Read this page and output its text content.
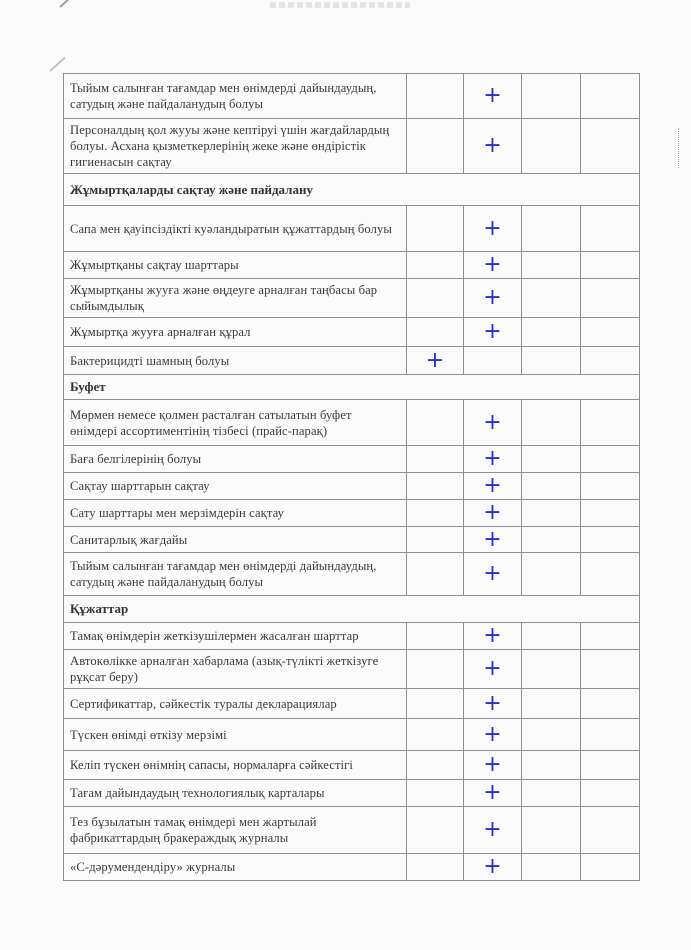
Тыйым салынған тағамдар мен өнімдерді дайындаудың, сатудың және пайдаланудың болуы		+		

Персоналдың қол жууы және кептіруі үшін жағдайлардың болуы. Асхана қызметкерлерінің жеке және өндірістік гигиенасын сақтау		+		

Жұмыртқаларды сақтау және пайдалану				
Сапа мен қауіпсіздікті куәландыратын құжаттардың болуы		+		

Жұмыртқаны сақтау шарттары		+		

Жұмыртқаны жууға және өңдеуге арналған таңбасы бар сыйымдылық		+		

Жұмыртқа жууға арналған құрал		+		

Бактерицидті шамның болуы	+			

Буфет				
Мөрмен немесе қолмен расталған сатылатын буфет өнімдері ассортиментінің тізбесі (прайс-парақ)		+		

Баға белгілерінің болуы		+		

Сақтау шарттарын сақтау		+		

Сату шарттары мен мерзімдерін сақтау		+		

Санитарлық жағдайы		+		

Тыйым салынған тағамдар мен өнімдерді дайындаудың, сатудың және пайдаланудың болуы		+		

Құжаттар				
Тамақ өнімдерін жеткізушілермен жасалған шарттар		+		

Автокөлікке арналған хабарлама (азық-түлікті жеткізуге рұқсат беру)		+		

Сертификаттар, сәйкестік туралы декларациялар		+		

Түскен өнімді өткізу мерзімі		+		

Келіп түскен өнімнің сапасы, нормаларға сәйкестігі		+		

Тағам дайындаудың технологиялық карталары		+		

Тез бұзылатын тамақ өнімдері мен жартылай фабрикаттардың бракераждық журналы		+		

«С-дәрумендендіру» журналы		+		
